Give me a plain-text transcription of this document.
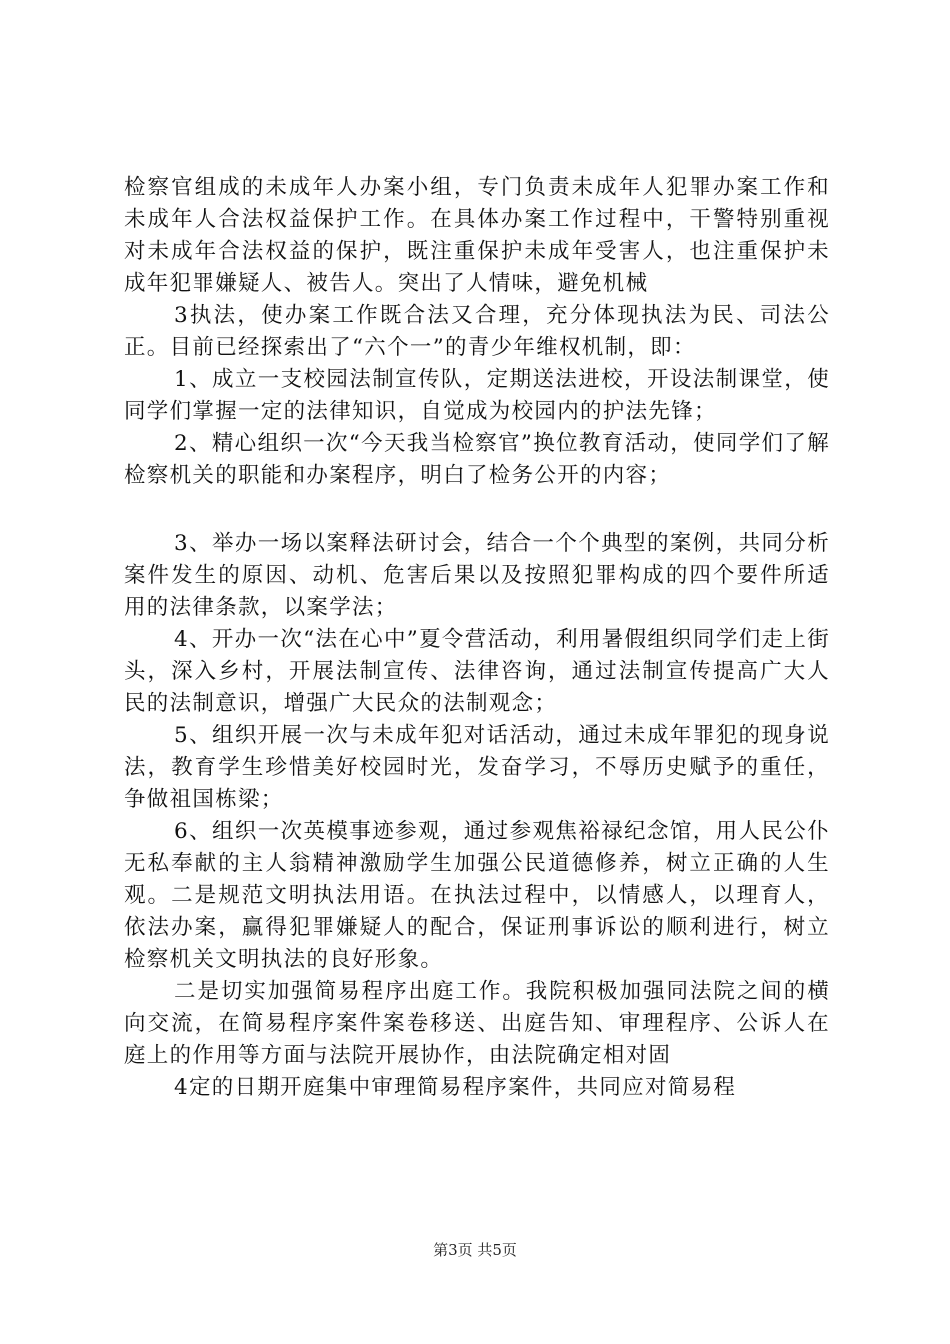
检察官组成的未成年人办案小组，专门负责未成年人犯罪办案工作和未成年人合法权益保护工作。在具体办案工作过程中，干警特别重视对未成年合法权益的保护，既注重保护未成年受害人，也注重保护未成年犯罪嫌疑人、被告人。突出了人情味，避免机械

3执法，使办案工作既合法又合理，充分体现执法为民、司法公正。目前已经探索出了“六个一”的青少年维权机制，即：

1、成立一支校园法制宣传队，定期送法进校，开设法制课堂，使同学们掌握一定的法律知识，自觉成为校园内的护法先锋；

2、精心组织一次“今天我当检察官”换位教育活动，使同学们了解检察机关的职能和办案程序，明白了检务公开的内容；

3、举办一场以案释法研讨会，结合一个个典型的案例，共同分析案件发生的原因、动机、危害后果以及按照犯罪构成的四个要件所适用的法律条款，以案学法；

4、开办一次“法在心中”夏令营活动，利用暑假组织同学们走上街头，深入乡村，开展法制宣传、法律咨询，通过法制宣传提高广大人民的法制意识，增强广大民众的法制观念；

5、组织开展一次与未成年犯对话活动，通过未成年罪犯的现身说法，教育学生珍惜美好校园时光，发奋学习，不辱历史赋予的重任，争做祖国栋梁；

6、组织一次英模事迹参观，通过参观焦裕禄纪念馆，用人民公仆无私奉献的主人翁精神激励学生加强公民道德修养，树立正确的人生观。二是规范文明执法用语。在执法过程中，以情感人，以理育人，依法办案，赢得犯罪嫌疑人的配合，保证刑事诉讼的顺利进行，树立检察机关文明执法的良好形象。

二是切实加强简易程序出庭工作。我院积极加强同法院之间的横向交流，在简易程序案件案卷移送、出庭告知、审理程序、公诉人在庭上的作用等方面与法院开展协作，由法院确定相对固

4定的日期开庭集中审理简易程序案件，共同应对简易程

第3页 共5页
